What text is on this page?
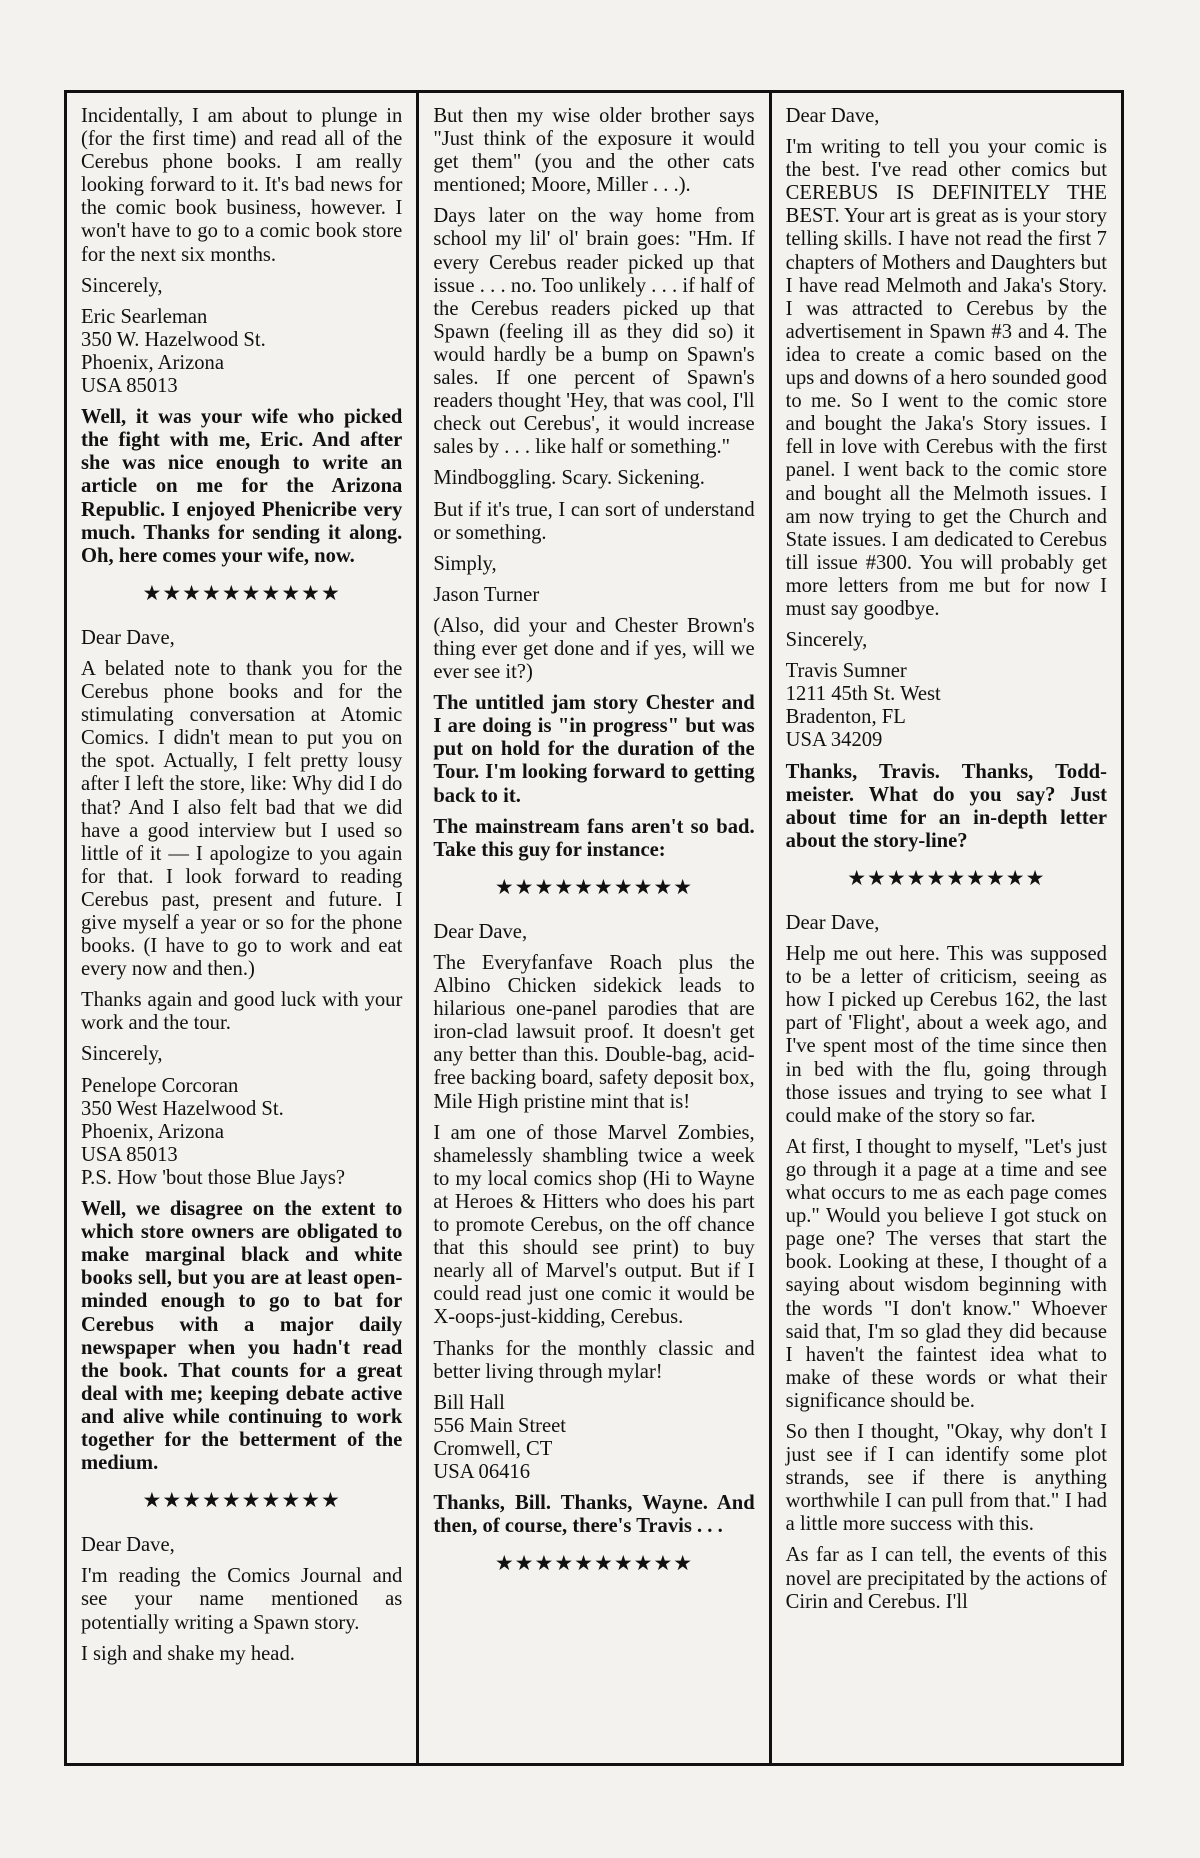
Incidentally, I am about to plunge in (for the first time) and read all of the Cerebus phone books. I am really looking forward to it. It's bad news for the comic book business, however. I won't have to go to a comic book store for the next six months.

Sincerely,

Eric Searleman
350 W. Hazelwood St.
Phoenix, Arizona
USA 85013

Well, it was your wife who picked the fight with me, Eric. And after she was nice enough to write an article on me for the Arizona Republic. I enjoyed Phenicribe very much. Thanks for sending it along. Oh, here comes your wife, now.

★★★★★★★★★★

Dear Dave,

A belated note to thank you for the Cerebus phone books and for the stimulating conversation at Atomic Comics. I didn't mean to put you on the spot. Actually, I felt pretty lousy after I left the store, like: Why did I do that? And I also felt bad that we did have a good interview but I used so little of it — I apologize to you again for that. I look forward to reading Cerebus past, present and future. I give myself a year or so for the phone books. (I have to go to work and eat every now and then.)

Thanks again and good luck with your work and the tour.

Sincerely,

Penelope Corcoran
350 West Hazelwood St.
Phoenix, Arizona
USA 85013
P.S. How 'bout those Blue Jays?

Well, we disagree on the extent to which store owners are obligated to make marginal black and white books sell, but you are at least open-minded enough to go to bat for Cerebus with a major daily newspaper when you hadn't read the book. That counts for a great deal with me; keeping debate active and alive while continuing to work together for the betterment of the medium.

★★★★★★★★★★

Dear Dave,

I'm reading the Comics Journal and see your name mentioned as potentially writing a Spawn story.

I sigh and shake my head.

But then my wise older brother says "Just think of the exposure it would get them" (you and the other cats mentioned; Moore, Miller . . .).

Days later on the way home from school my lil' ol' brain goes: "Hm. If every Cerebus reader picked up that issue . . . no. Too unlikely . . . if half of the Cerebus readers picked up that Spawn (feeling ill as they did so) it would hardly be a bump on Spawn's sales. If one percent of Spawn's readers thought 'Hey, that was cool, I'll check out Cerebus', it would increase sales by . . . like half or something."

Mindboggling. Scary. Sickening.

But if it's true, I can sort of understand or something.

Simply,

Jason Turner

(Also, did your and Chester Brown's thing ever get done and if yes, will we ever see it?)

The untitled jam story Chester and I are doing is "in progress" but was put on hold for the duration of the Tour. I'm looking forward to getting back to it.

The mainstream fans aren't so bad. Take this guy for instance:

★★★★★★★★★★

Dear Dave,

The Everyfanfave Roach plus the Albino Chicken sidekick leads to hilarious one-panel parodies that are iron-clad lawsuit proof. It doesn't get any better than this. Double-bag, acid-free backing board, safety deposit box, Mile High pristine mint that is!

I am one of those Marvel Zombies, shamelessly shambling twice a week to my local comics shop (Hi to Wayne at Heroes & Hitters who does his part to promote Cerebus, on the off chance that this should see print) to buy nearly all of Marvel's output. But if I could read just one comic it would be X-oops-just-kidding, Cerebus.

Thanks for the monthly classic and better living through mylar!

Bill Hall
556 Main Street
Cromwell, CT
USA 06416

Thanks, Bill. Thanks, Wayne. And then, of course, there's Travis . . .

★★★★★★★★★★

Dear Dave,

I'm writing to tell you your comic is the best. I've read other comics but CEREBUS IS DEFINITELY THE BEST. Your art is great as is your story telling skills. I have not read the first 7 chapters of Mothers and Daughters but I have read Melmoth and Jaka's Story. I was attracted to Cerebus by the advertisement in Spawn #3 and 4. The idea to create a comic based on the ups and downs of a hero sounded good to me. So I went to the comic store and bought the Jaka's Story issues. I fell in love with Cerebus with the first panel. I went back to the comic store and bought all the Melmoth issues. I am now trying to get the Church and State issues. I am dedicated to Cerebus till issue #300. You will probably get more letters from me but for now I must say goodbye.

Sincerely,

Travis Sumner
1211 45th St. West
Bradenton, FL
USA 34209

Thanks, Travis. Thanks, Todd-meister. What do you say? Just about time for an in-depth letter about the story-line?

★★★★★★★★★★

Dear Dave,

Help me out here. This was supposed to be a letter of criticism, seeing as how I picked up Cerebus 162, the last part of 'Flight', about a week ago, and I've spent most of the time since then in bed with the flu, going through those issues and trying to see what I could make of the story so far.

At first, I thought to myself, "Let's just go through it a page at a time and see what occurs to me as each page comes up." Would you believe I got stuck on page one? The verses that start the book. Looking at these, I thought of a saying about wisdom beginning with the words "I don't know." Whoever said that, I'm so glad they did because I haven't the faintest idea what to make of these words or what their significance should be.

So then I thought, "Okay, why don't I just see if I can identify some plot strands, see if there is anything worthwhile I can pull from that." I had a little more success with this.

As far as I can tell, the events of this novel are precipitated by the actions of Cirin and Cerebus. I'll
